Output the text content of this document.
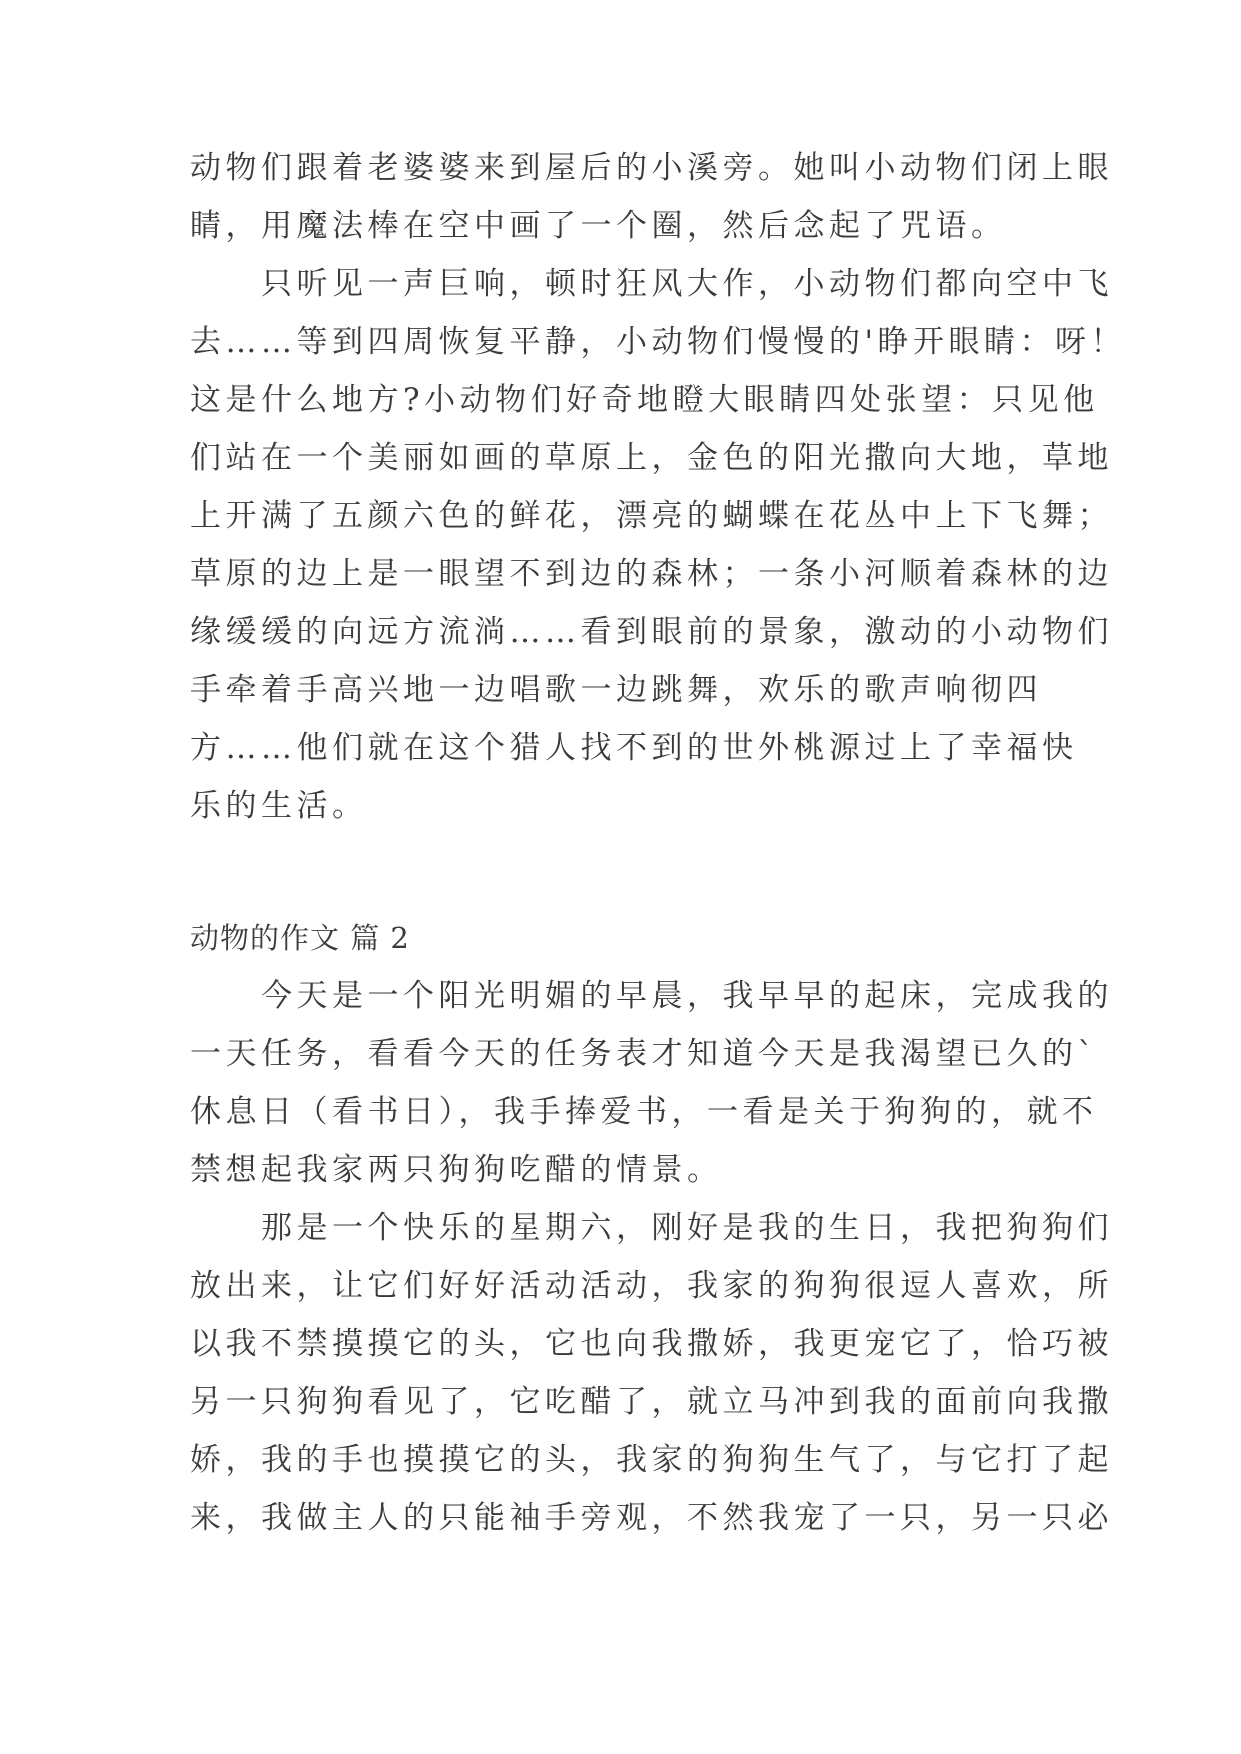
动物们跟着老婆婆来到屋后的小溪旁。她叫小动物们闭上眼
睛，用魔法棒在空中画了一个圈，然后念起了咒语。
　　只听见一声巨响，顿时狂风大作，小动物们都向空中飞
去……等到四周恢复平静，小动物们慢慢的'睁开眼睛：呀！
这是什么地方?小动物们好奇地瞪大眼睛四处张望：只见他
们站在一个美丽如画的草原上，金色的阳光撒向大地，草地
上开满了五颜六色的鲜花，漂亮的蝴蝶在花丛中上下飞舞；
草原的边上是一眼望不到边的森林；一条小河顺着森林的边
缘缓缓的向远方流淌……看到眼前的景象，激动的小动物们
手牵着手高兴地一边唱歌一边跳舞，欢乐的歌声响彻四
方……他们就在这个猎人找不到的世外桃源过上了幸福快
乐的生活。
动物的作文 篇 2
　　今天是一个阳光明媚的早晨，我早早的起床，完成我的
一天任务，看看今天的任务表才知道今天是我渴望已久的`
休息日（看书日），我手捧爱书，一看是关于狗狗的，就不
禁想起我家两只狗狗吃醋的情景。
　　那是一个快乐的星期六，刚好是我的生日，我把狗狗们
放出来，让它们好好活动活动，我家的狗狗很逗人喜欢，所
以我不禁摸摸它的头，它也向我撒娇，我更宠它了，恰巧被
另一只狗狗看见了，它吃醋了，就立马冲到我的面前向我撒
娇，我的手也摸摸它的头，我家的狗狗生气了，与它打了起
来，我做主人的只能袖手旁观，不然我宠了一只，另一只必
